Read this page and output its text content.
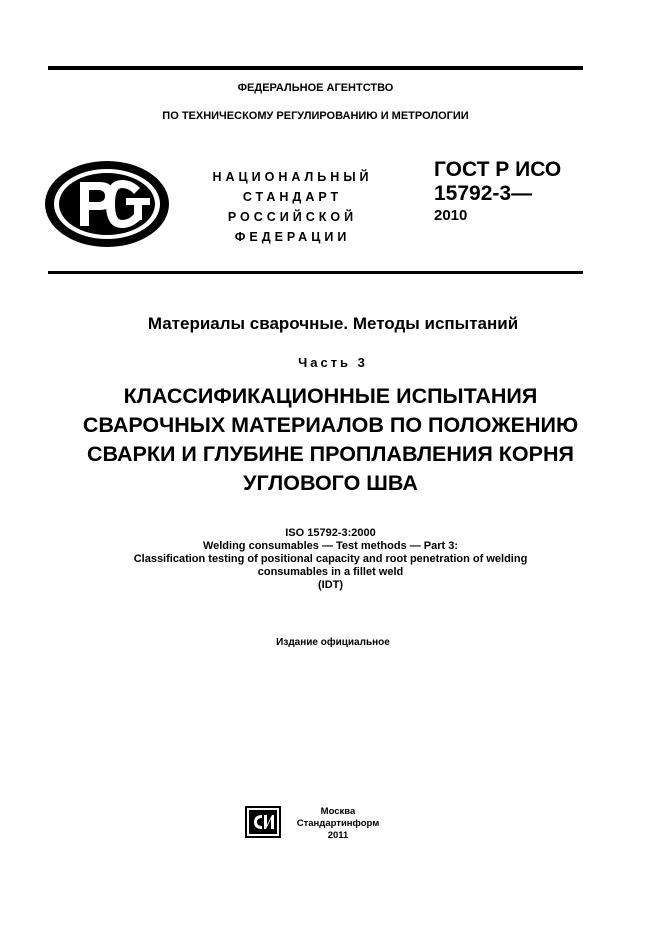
ФЕДЕРАЛЬНОЕ АГЕНТСТВО
ПО ТЕХНИЧЕСКОМУ РЕГУЛИРОВАНИЮ И МЕТРОЛОГИИ
НАЦИОНАЛЬНЫЙ
СТАНДАРТ
РОССИЙСКОЙ
ФЕДЕРАЦИИ
ГОСТ Р ИСО
15792-3—
2010
Материалы сварочные. Методы испытаний
Часть 3
КЛАССИФИКАЦИОННЫЕ ИСПЫТАНИЯ
СВАРОЧНЫХ МАТЕРИАЛОВ ПО ПОЛОЖЕНИЮ
СВАРКИ И ГЛУБИНЕ ПРОПЛАВЛЕНИЯ КОРНЯ
УГЛОВОГО ШВА
ISO 15792-3:2000
Welding consumables — Test methods — Part 3:
Classification testing of positional capacity and root penetration of welding
consumables in a fillet weld
(IDT)
Издание официальное
Москва
Стандартинформ
2011
